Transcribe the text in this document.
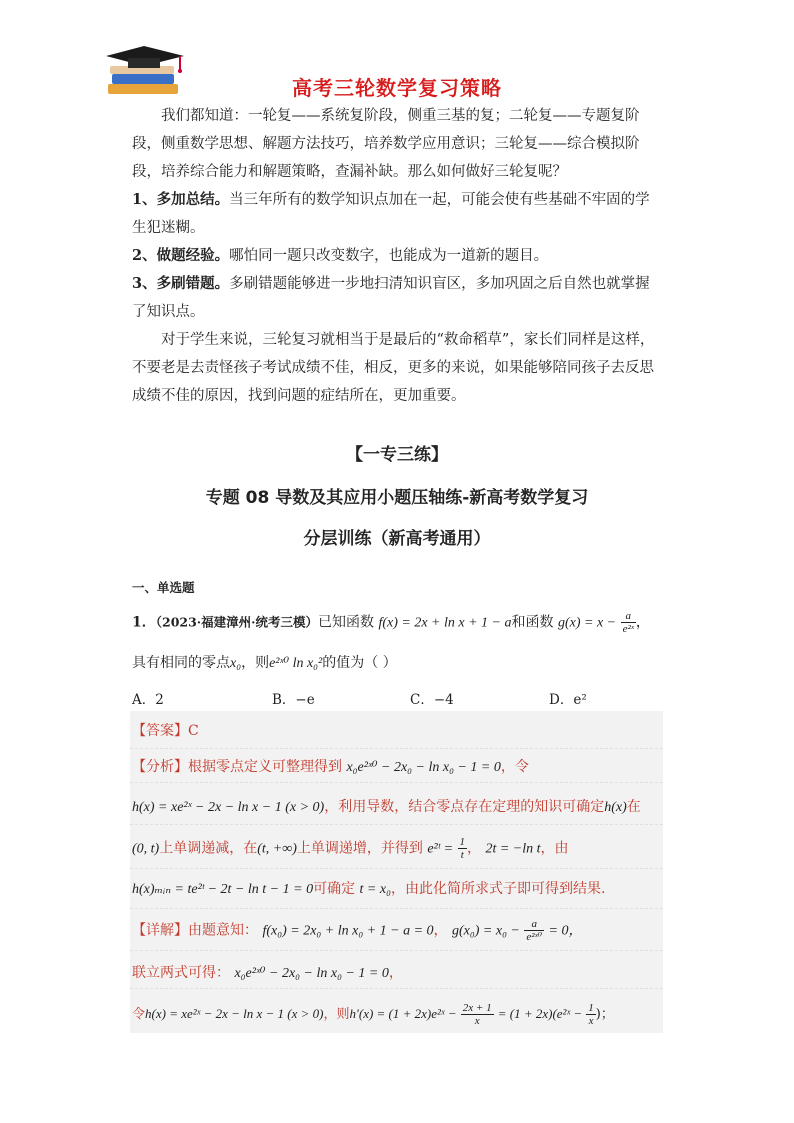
高考三轮数学复习策略

我们都知道：一轮复——系统复阶段，侧重三基的复；二轮复——专题复阶段，侧重数学思想、解题方法技巧，培养数学应用意识；三轮复——综合模拟阶段，培养综合能力和解题策略，查漏补缺。那么如何做好三轮复呢？

1、多加总结。当三年所有的数学知识点加在一起，可能会使有些基础不牢固的学生犯迷糊。

2、做题经验。哪怕同一题只改变数字，也能成为一道新的题目。

3、多刷错题。多刷错题能够进一步地扫清知识盲区，多加巩固之后自然也就掌握了知识点。

对于学生来说，三轮复习就相当于是最后的“救命稻草”，家长们同样是这样，不要老是去责怪孩子考试成绩不佳，相反，更多的来说，如果能够陪同孩子去反思成绩不佳的原因，找到问题的症结所在，更加重要。

【一专三练】
专题 08 导数及其应用小题压轴练-新高考数学复习
分层训练（新高考通用）
一、单选题
1．（2023·福建漳州·统考三模）已知函数 f(x) = 2x + ln x + 1 − a和函数 $g(x) = x - \frac{a}{\text{e²ˣ}}$ ，
具有相同的零点x₀，则e²ˣ⁰ ln x₀²的值为（ ）
A．2	B．−e	C．−4	D．e²
【答案】C
【分析】根据零点定义可整理得到 x₀e²ˣ⁰ − 2x₀ − ln x₀ − 1 = 0，令
h(x) = xe²ˣ − 2x − ln x − 1 (x > 0)，利用导数，结合零点存在定理的知识可确定h(x)在
(0, t)上单调递减，在(t, +∞)上单调递增，并得到 e²ᵗ = $\frac{1}{t}$ ， 2t = −ln t，由
h(x)ₘᵢₙ = te²ᵗ − 2t − ln t − 1 = 0可确定 t = x₀，由此化简所求式子即可得到结果.
【详解】由题意知： f(x₀) = 2x₀ + ln x₀ + 1 − a = 0， $g(x_0) = x_0 - \frac{a}{\text{e²ˣ⁰}} = 0$，
联立两式可得： x₀e²ˣ⁰ − 2x₀ − ln x₀ − 1 = 0，
令h(x) = xe²ˣ − 2x − ln x − 1 (x > 0)，则h′(x) = (1 + 2x)e²ˣ − $\frac{2x + 1}{x} = (1$ + 2x)(e²ˣ − $\frac{1}{x}$ )；
